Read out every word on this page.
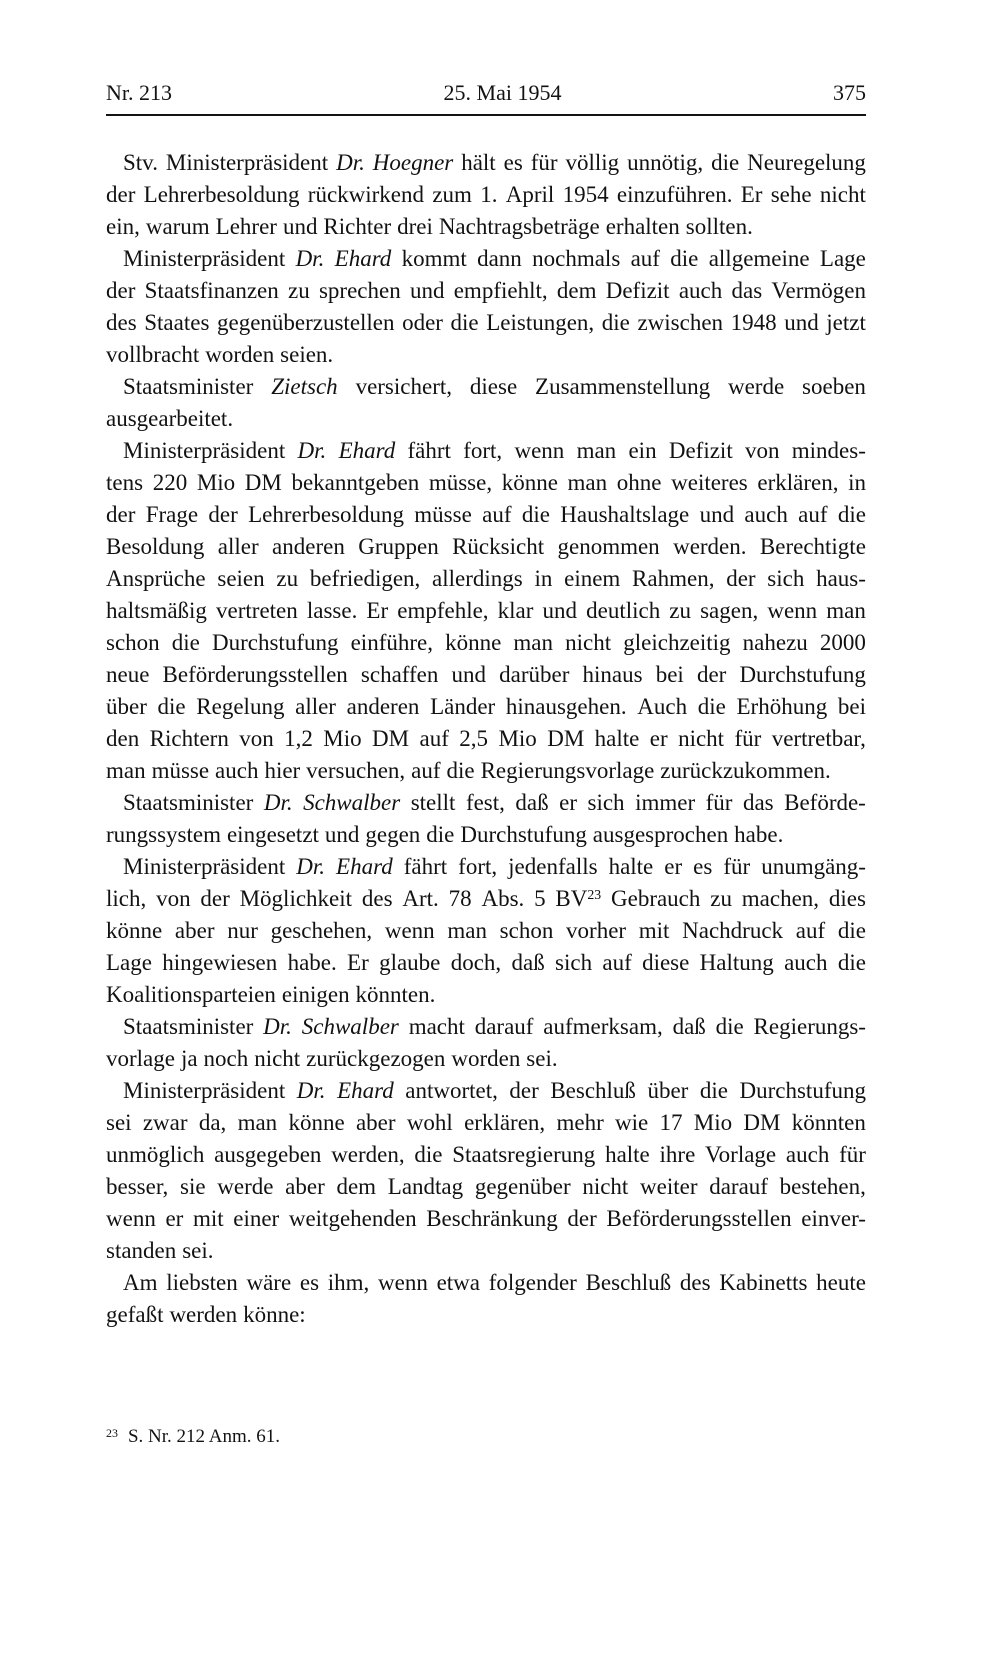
Nr. 213	25. Mai 1954	375
Stv. Ministerpräsident Dr. Hoegner hält es für völlig unnötig, die Neuregelung
der Lehrerbesoldung rückwirkend zum 1. April 1954 einzuführen. Er sehe nicht
ein, warum Lehrer und Richter drei Nachtragsbeträge erhalten sollten.
Ministerpräsident Dr. Ehard kommt dann nochmals auf die allgemeine Lage
der Staatsfinanzen zu sprechen und empfiehlt, dem Defizit auch das Vermögen
des Staates gegenüberzustellen oder die Leistungen, die zwischen 1948 und jetzt
vollbracht worden seien.
Staatsminister Zietsch versichert, diese Zusammenstellung werde soeben
ausgearbeitet.
Ministerpräsident Dr. Ehard fährt fort, wenn man ein Defizit von mindes-
tens 220 Mio DM bekanntgeben müsse, könne man ohne weiteres erklären, in
der Frage der Lehrerbesoldung müsse auf die Haushaltslage und auch auf die
Besoldung aller anderen Gruppen Rücksicht genommen werden. Berechtigte
Ansprüche seien zu befriedigen, allerdings in einem Rahmen, der sich haus-
haltsmäßig vertreten lasse. Er empfehle, klar und deutlich zu sagen, wenn man
schon die Durchstufung einführe, könne man nicht gleichzeitig nahezu 2000
neue Beförderungsstellen schaffen und darüber hinaus bei der Durchstufung
über die Regelung aller anderen Länder hinausgehen. Auch die Erhöhung bei
den Richtern von 1,2 Mio DM auf 2,5 Mio DM halte er nicht für vertretbar,
man müsse auch hier versuchen, auf die Regierungsvorlage zurückzukommen.
Staatsminister Dr. Schwalber stellt fest, daß er sich immer für das Beförde-
rungssystem eingesetzt und gegen die Durchstufung ausgesprochen habe.
Ministerpräsident Dr. Ehard fährt fort, jedenfalls halte er es für unumgäng-
lich, von der Möglichkeit des Art. 78 Abs. 5 BV$^{23}$ Gebrauch zu machen, dies
könne aber nur geschehen, wenn man schon vorher mit Nachdruck auf die
Lage hingewiesen habe. Er glaube doch, daß sich auf diese Haltung auch die
Koalitionsparteien einigen könnten.
Staatsminister Dr. Schwalber macht darauf aufmerksam, daß die Regierungs-
vorlage ja noch nicht zurückgezogen worden sei.
Ministerpräsident Dr. Ehard antwortet, der Beschluß über die Durchstufung
sei zwar da, man könne aber wohl erklären, mehr wie 17 Mio DM könnten
unmöglich ausgegeben werden, die Staatsregierung halte ihre Vorlage auch für
besser, sie werde aber dem Landtag gegenüber nicht weiter darauf bestehen,
wenn er mit einer weitgehenden Beschränkung der Beförderungsstellen einver-
standen sei.
Am liebsten wäre es ihm, wenn etwa folgender Beschluß des Kabinetts heute
gefaßt werden könne:
$^{23}$ S. Nr. 212 Anm. 61.
